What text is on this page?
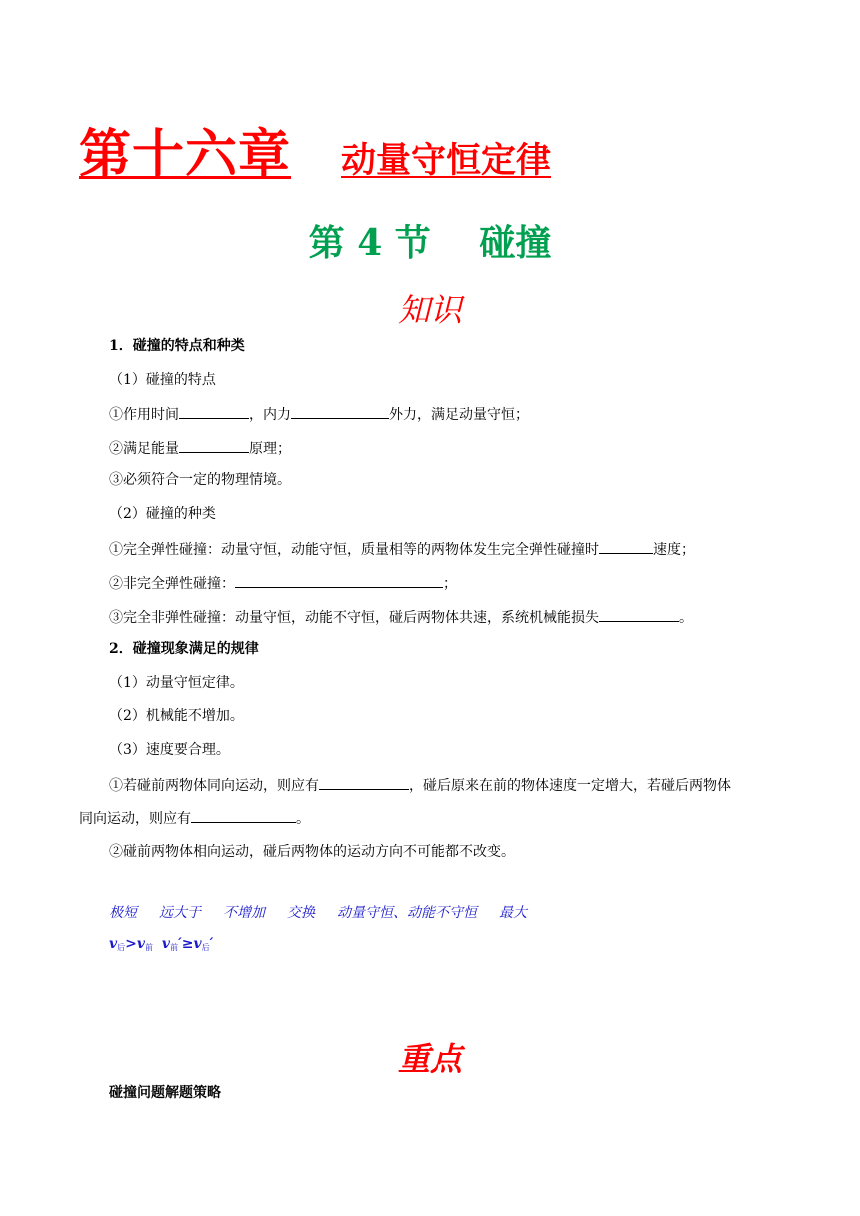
第十六章 动量守恒定律
第 4 节　 碰撞
知识
1．碰撞的特点和种类
（1）碰撞的特点
①作用时间	，内力	外力，满足动量守恒；
②满足能量	原理；
③必须符合一定的物理情境。
（2）碰撞的种类
①完全弹性碰撞：动量守恒，动能守恒，质量相等的两物体发生完全弹性碰撞时	速度；
②非完全弹性碰撞：	；
③完全非弹性碰撞：动量守恒，动能不守恒，碰后两物体共速，系统机械能损失	。
2．碰撞现象满足的规律
（1）动量守恒定律。
（2）机械能不增加。
（3）速度要合理。
①若碰前两物体同向运动，则应有	，碰后原来在前的物体速度一定增大，若碰后两物体
同向运动，则应有	。
②碰前两物体相向运动，碰后两物体的运动方向不可能都不改变。
极短 远大于 不增加 交换 动量守恒、动能不守恒 最大
$v_后>v_前$ $v_前'\ge v_后'$
重点
碰撞问题解题策略
